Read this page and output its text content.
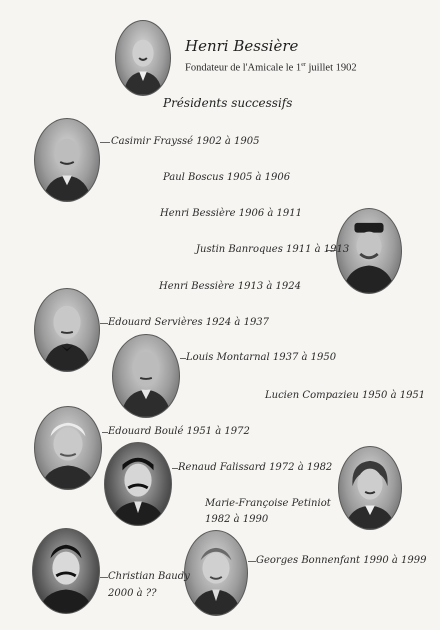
Henri Bessière
Fondateur de l'Amicale le 1er juillet 1902
Présidents successifs
Casimir Frayssé 1902 à 1905
Paul Boscus 1905 à 1906
Henri Bessière 1906 à 1911
Justin Banroques 1911 à 1913
Henri Bessière 1913 à 1924
Edouard Servières 1924 à 1937
Louis Montarnal 1937 à 1950
Lucien Compazieu 1950 à 1951
Edouard Boulé 1951 à 1972
Renaud Falissard 1972 à 1982
Marie-Françoise Petiniot
1982 à 1990
Georges Bonnenfant 1990 à 1999
Christian Baudy
2000 à ??
